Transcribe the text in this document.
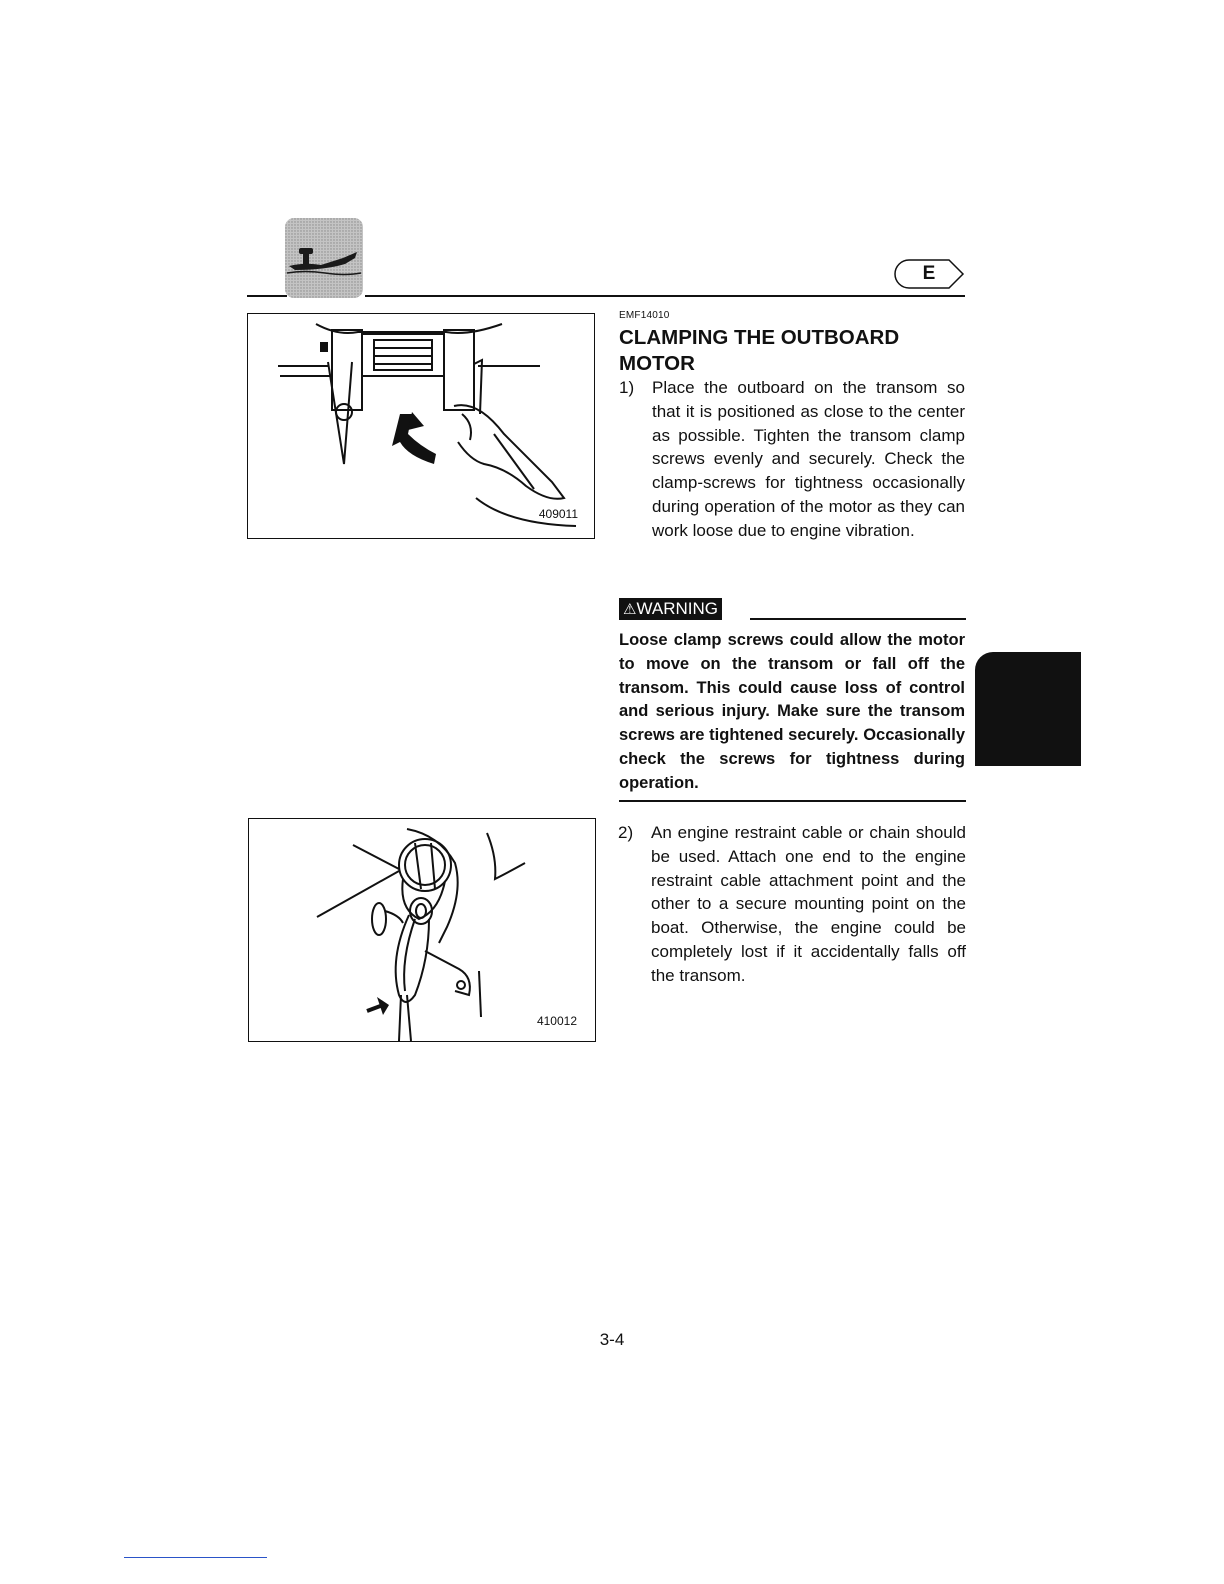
E
409011
410012
EMF14010
CLAMPING THE OUTBOARD MOTOR
1) Place the outboard on the transom so that it is positioned as close to the center as possible. Tighten the transom clamp screws evenly and securely. Check the clamp-screws for tightness occasionally during operation of the motor as they can work loose due to engine vibration.
⚠WARNING
Loose clamp screws could allow the motor to move on the transom or fall off the transom. This could cause loss of control and serious injury. Make sure the transom screws are tightened securely. Occasionally check the screws for tightness during operation.
2) An engine restraint cable or chain should be used. Attach one end to the engine restraint cable attachment point and the other to a secure mounting point on the boat. Otherwise, the engine could be completely lost if it accidentally falls off the transom.
3-4
